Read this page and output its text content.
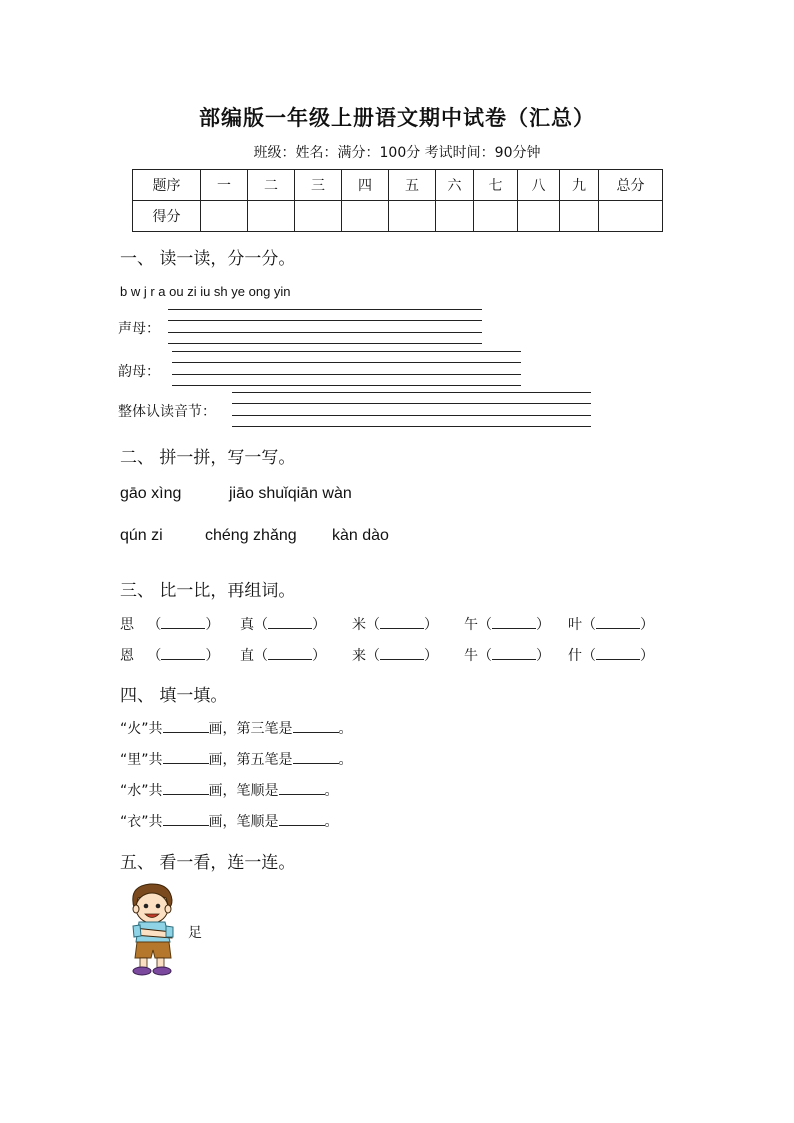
部编版一年级上册语文期中试卷（汇总）
班级：姓名：满分：100分 考试时间：90分钟
题序	一	二	三	四	五	六	七	八	九	总分
得分										
一、 读一读，分一分。
b w j r a ou zi iu sh ye ong yin
声母：
韵母：
整体认读音节：
二、 拼一拼，写一写。
gāo xìng	jiāo shuǐqiān wàn
qún zi	chéng zhǎng kàn dào
三、 比一比，再组词。
思 （	） 真（	） 米（	） 午（	） 叶（	）
恩 （	） 直（	） 来（	） 牛（	） 什（	）
四、 填一填。
“火”共	画，第三笔是	。
“里”共	画，第五笔是	。
“水”共	画，笔顺是	。
“衣”共	画，笔顺是	。
五、 看一看，连一连。
足
